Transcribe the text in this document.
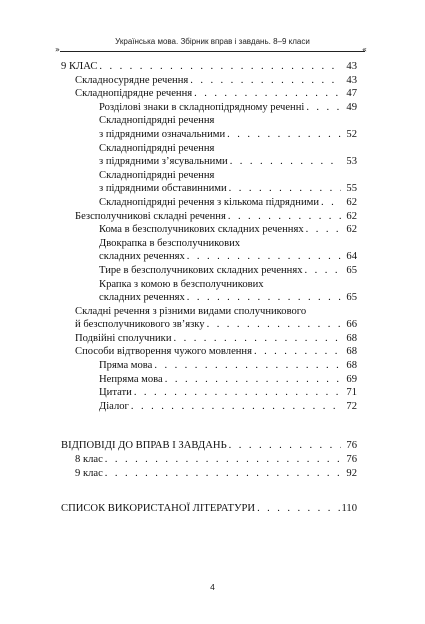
»
Українська мова. Збірник вправ і завдань. 8–9 класи
«
9 КЛАС . . .	43
Складносурядне речення . . .	43
Складнопідрядне речення . . .	47
Розділові знаки в складнопідрядному реченні . . .	49
Складнопідрядні речення
з підрядними означальними . . .	52
Складнопідрядні речення
з підрядними з’ясувальними . . .	53
Складнопідрядні речення
з підрядними обставинними . . .	55
Складнопідрядні речення з кількома підрядними . . .	62
Безсполучникові складні речення . . .	62
Кома в безсполучникових складних реченнях . . .	62
Двокрапка в безсполучникових
складних реченнях . . .	64
Тире в безсполучникових складних реченнях . . .	65
Крапка з комою в безсполучникових
складних реченнях . . .	65
Складні речення з різними видами сполучникового
й безсполучникового зв’язку . . .	66
Подвійні сполучники . . .	68
Способи відтворення чужого мовлення . . .	68
Пряма мова . . .	68
Непряма мова . . .	69
Цитати . . .	71
Діалог . . .	72
ВІДПОВІДІ ДО ВПРАВ І ЗАВДАНЬ . . .	76
8 клас . . .	76
9 клас . . .	92
СПИСОК ВИКОРИСТАНОЇ ЛІТЕРАТУРИ . . .	110
4
